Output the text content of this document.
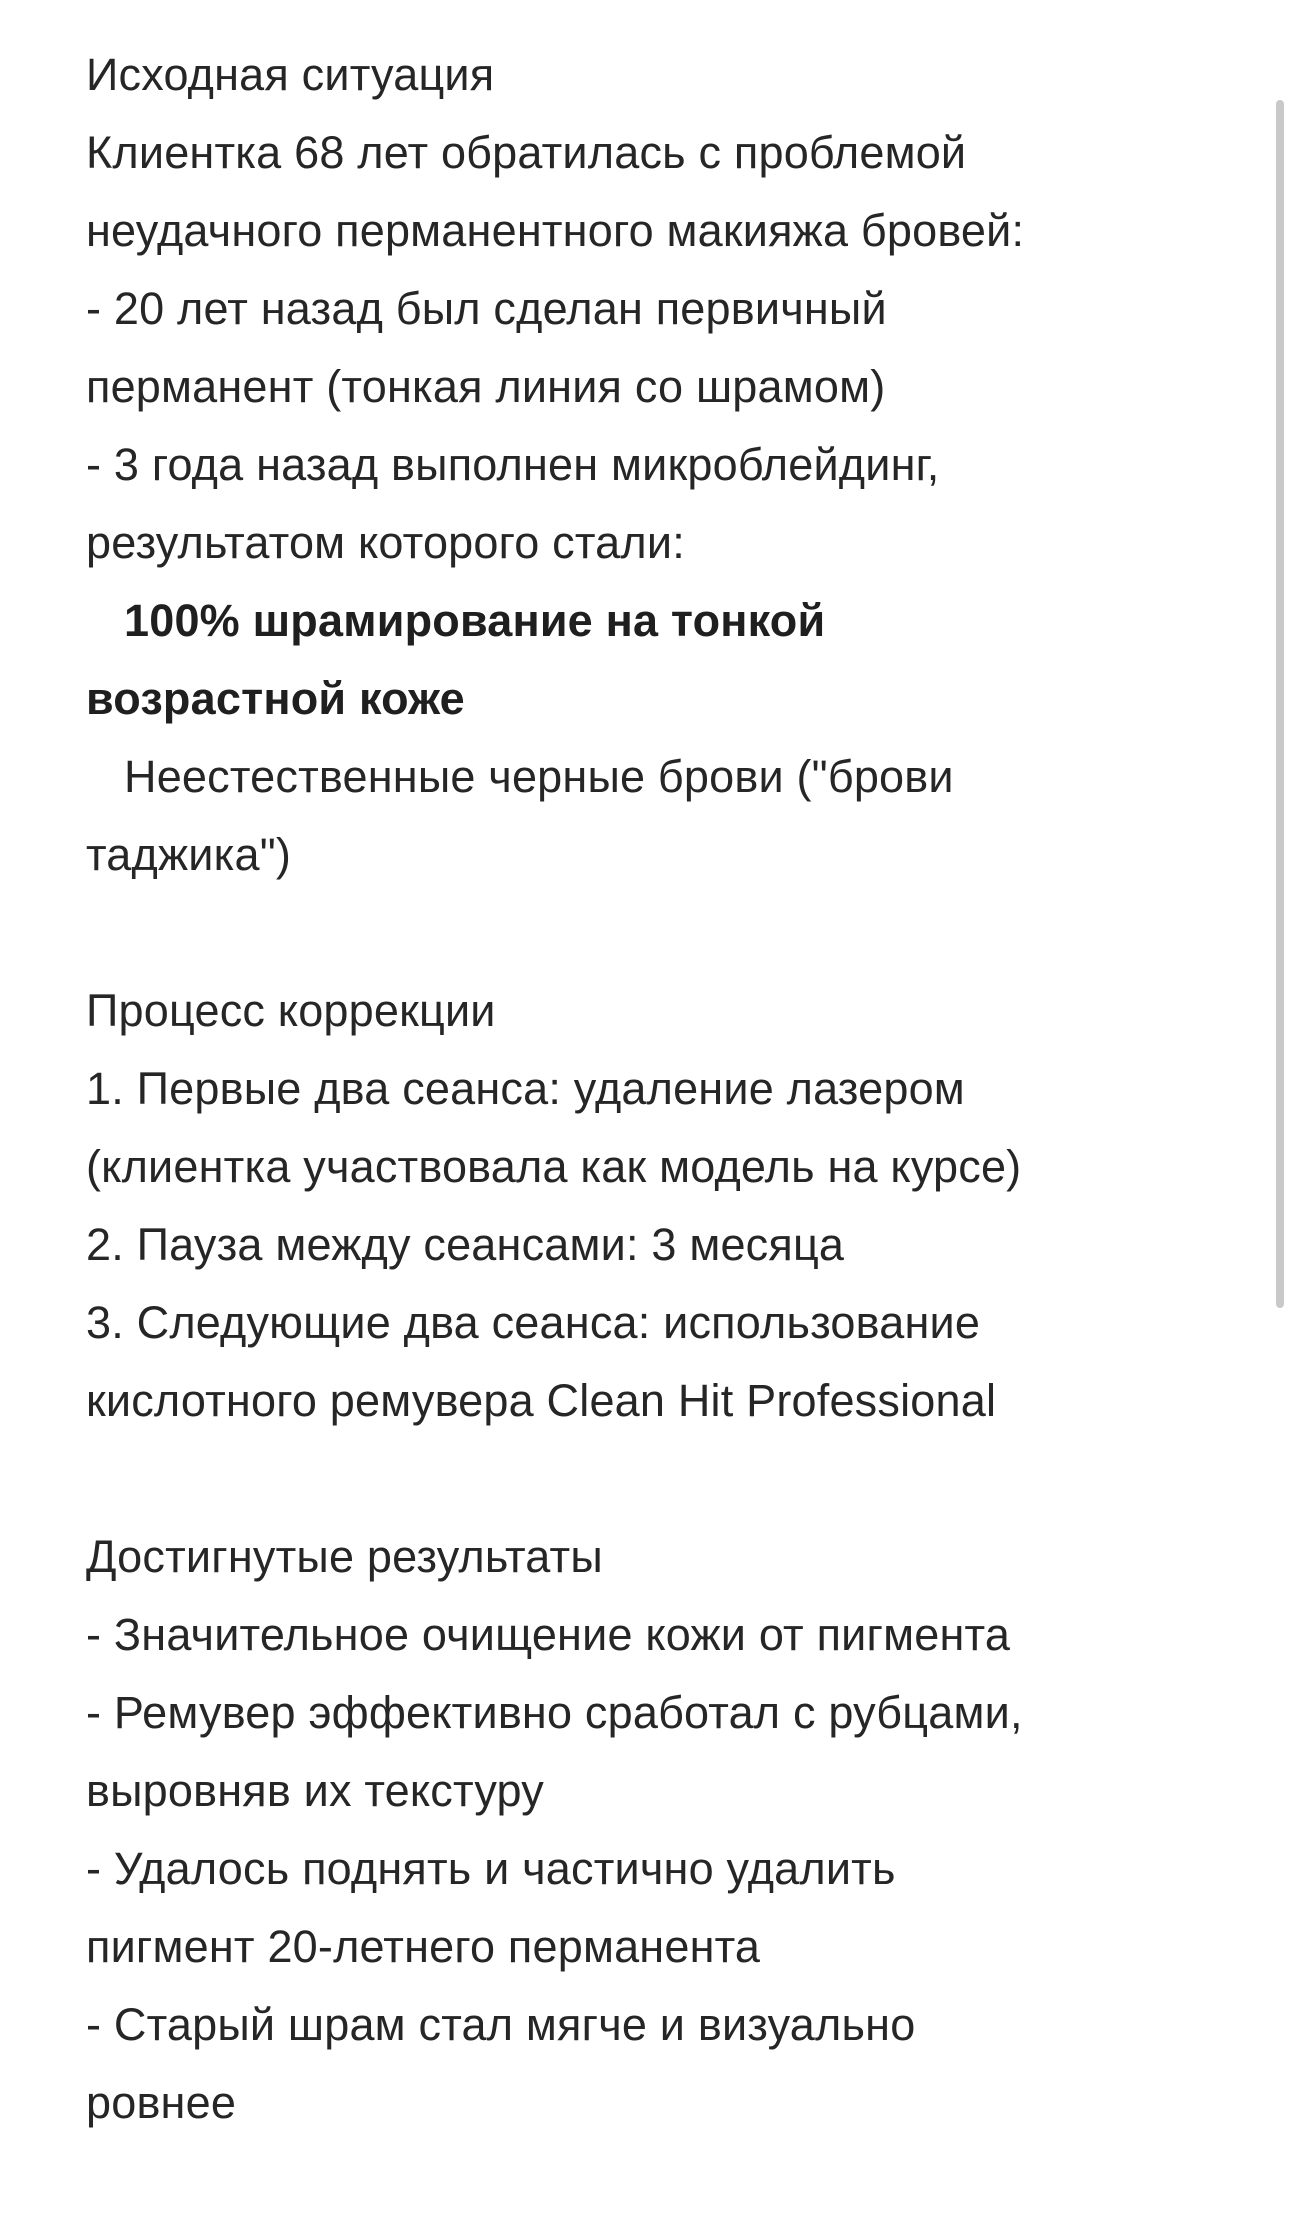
Исходная ситуация
Клиентка 68 лет обратилась с проблемой
неудачного перманентного макияжа бровей:
- 20 лет назад был сделан первичный
перманент (тонкая линия со шрамом)
- 3 года назад выполнен микроблейдинг,
результатом которого стали:
100% шрамирование на тонкой
возрастной коже
Неестественные черные брови ("брови
таджика")
Процесс коррекции
1. Первые два сеанса: удаление лазером
(клиентка участвовала как модель на курсе)
2. Пауза между сеансами: 3 месяца
3. Следующие два сеанса: использование
кислотного ремувера Clean Hit Professional
Достигнутые результаты
- Значительное очищение кожи от пигмента
- Ремувер эффективно сработал с рубцами,
выровняв их текстуру
- Удалось поднять и частично удалить
пигмент 20-летнего перманента
- Старый шрам стал мягче и визуально
ровнее
